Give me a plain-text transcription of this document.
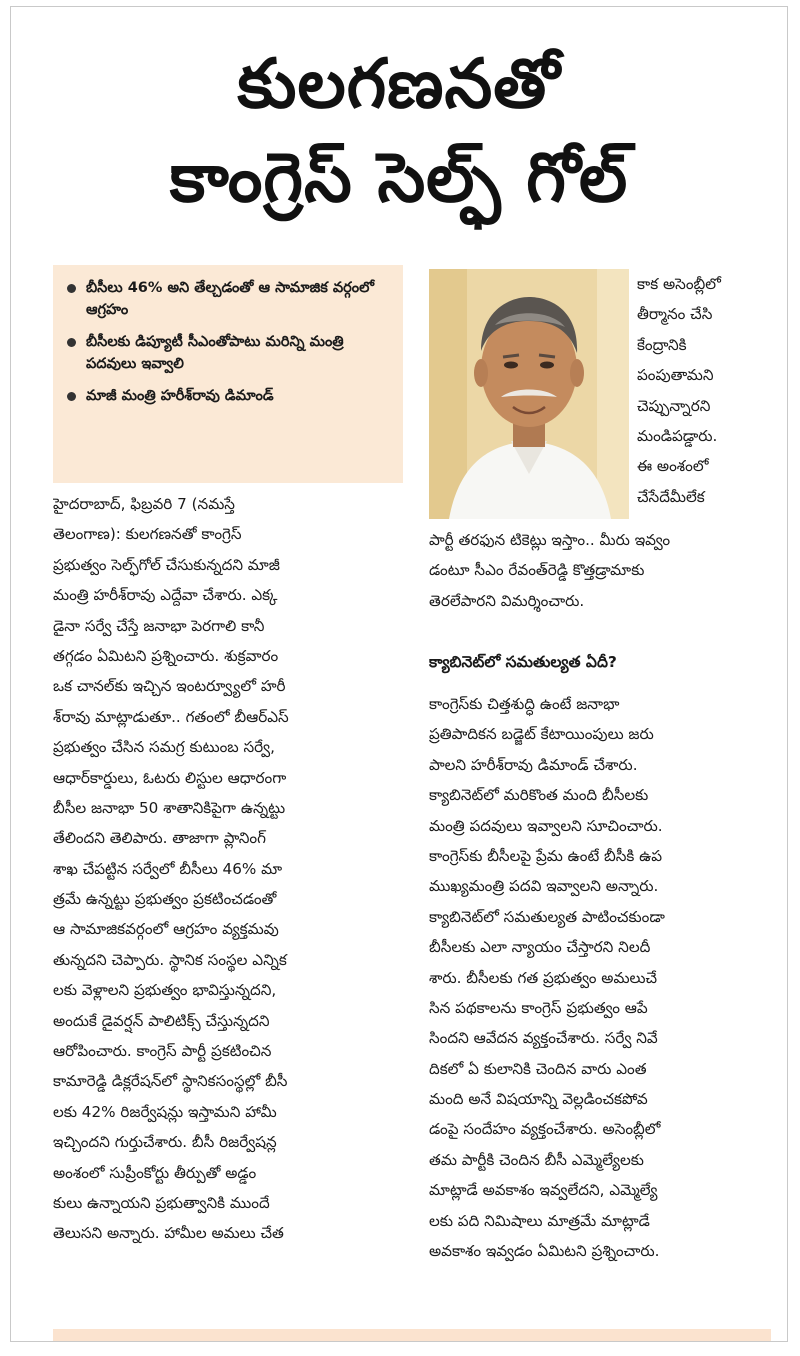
కులగణనతో
కాంగ్రెస్ సెల్ఫ్ గోల్
బీసీలు 46% అని తేల్చడంతో ఆ సామాజిక వర్గంలో ఆగ్రహం
బీసీలకు డిప్యూటీ సీఎంతోపాటు మరిన్ని మంత్రి పదవులు ఇవ్వాలి
మాజీ మంత్రి హరీశ్‌రావు డిమాండ్
కాక అసెంబ్లీలో
తీర్మానం చేసి
కేంద్రానికి
పంపుతామని
చెప్పున్నారని
మండిపడ్డారు.
ఈ అంశంలో
చేసేదేమీలేక
పార్టీ తరఫున టికెట్లు ఇస్తాం.. మీరు ఇవ్వం
డంటూ సీఎం రేవంత్‌రెడ్డి కొత్తడ్రామాకు
తెరలేపారని విమర్శించారు.
క్యాబినెట్‌లో సమతుల్యత ఏదీ?
కాంగ్రెస్‌కు చిత్తశుద్ధి ఉంటే జనాభా
ప్రతిపాదికన బడ్జెట్ కేటాయింపులు జరు
పాలని హరీశ్‌రావు డిమాండ్ చేశారు.
క్యాబినెట్‌లో మరికొంత మంది బీసీలకు
మంత్రి పదవులు ఇవ్వాలని సూచించారు.
కాంగ్రెస్‌కు బీసీలపై ప్రేమ ఉంటే బీసీకి ఉప
ముఖ్యమంత్రి పదవి ఇవ్వాలని అన్నారు.
క్యాబినెట్‌లో సమతుల్యత పాటించకుండా
బీసీలకు ఎలా న్యాయం చేస్తారని నిలదీ
శారు. బీసీలకు గత ప్రభుత్వం అమలుచే
సిన పథకాలను కాంగ్రెస్ ప్రభుత్వం ఆపే
సిందని ఆవేదన వ్యక్తంచేశారు. సర్వే నివే
దికలో ఏ కులానికి చెందిన వారు ఎంత
మంది అనే విషయాన్ని వెల్లడించకపోవ
డంపై సందేహం వ్యక్తంచేశారు. అసెంబ్లీలో
తమ పార్టీకి చెందిన బీసీ ఎమ్మెల్యేలకు
మాట్లాడే అవకాశం ఇవ్వలేదని, ఎమ్మెల్యే
లకు పది నిమిషాలు మాత్రమే మాట్లాడే
అవకాశం ఇవ్వడం ఏమిటని ప్రశ్నించారు.
హైదరాబాద్, ఫిబ్రవరి 7 (నమస్తే
తెలంగాణ): కులగణనతో కాంగ్రెస్
ప్రభుత్వం సెల్ఫ్‌గోల్ చేసుకున్నదని మాజీ
మంత్రి హరీశ్‌రావు ఎద్దేవా చేశారు. ఎక్క
డైనా సర్వే చేస్తే జనాభా పెరగాలి కానీ
తగ్గడం ఏమిటని ప్రశ్నించారు. శుక్రవారం
ఒక చానల్‌కు ఇచ్చిన ఇంటర్వ్యూలో హరీ
శ్‌రావు మాట్లాడుతూ.. గతంలో బీఆర్ఎస్
ప్రభుత్వం చేసిన సమగ్ర కుటుంబ సర్వే,
ఆధార్‌కార్డులు, ఓటరు లిస్టుల ఆధారంగా
బీసీల జనాభా 50 శాతానికిపైగా ఉన్నట్టు
తేలిందని తెలిపారు. తాజాగా ప్లానింగ్
శాఖ చేపట్టిన సర్వేలో బీసీలు 46% మా
త్రమే ఉన్నట్టు ప్రభుత్వం ప్రకటించడంతో
ఆ సామాజికవర్గంలో ఆగ్రహం వ్యక్తమవు
తున్నదని చెప్పారు. స్థానిక సంస్థల ఎన్నిక
లకు వెళ్లాలని ప్రభుత్వం భావిస్తున్నదని,
అందుకే డైవర్షన్ పాలిటిక్స్ చేస్తున్నదని
ఆరోపించారు. కాంగ్రెస్ పార్టీ ప్రకటించిన
కామారెడ్డి డిక్లరేషన్‌లో స్థానికసంస్థల్లో బీసీ
లకు 42% రిజర్వేషన్లు ఇస్తామని హామీ
ఇచ్చిందని గుర్తుచేశారు. బీసీ రిజర్వేషన్ల
అంశంలో సుప్రీంకోర్టు తీర్పుతో అడ్డం
కులు ఉన్నాయని ప్రభుత్వానికి ముందే
తెలుసని అన్నారు. హామీల అమలు చేత
